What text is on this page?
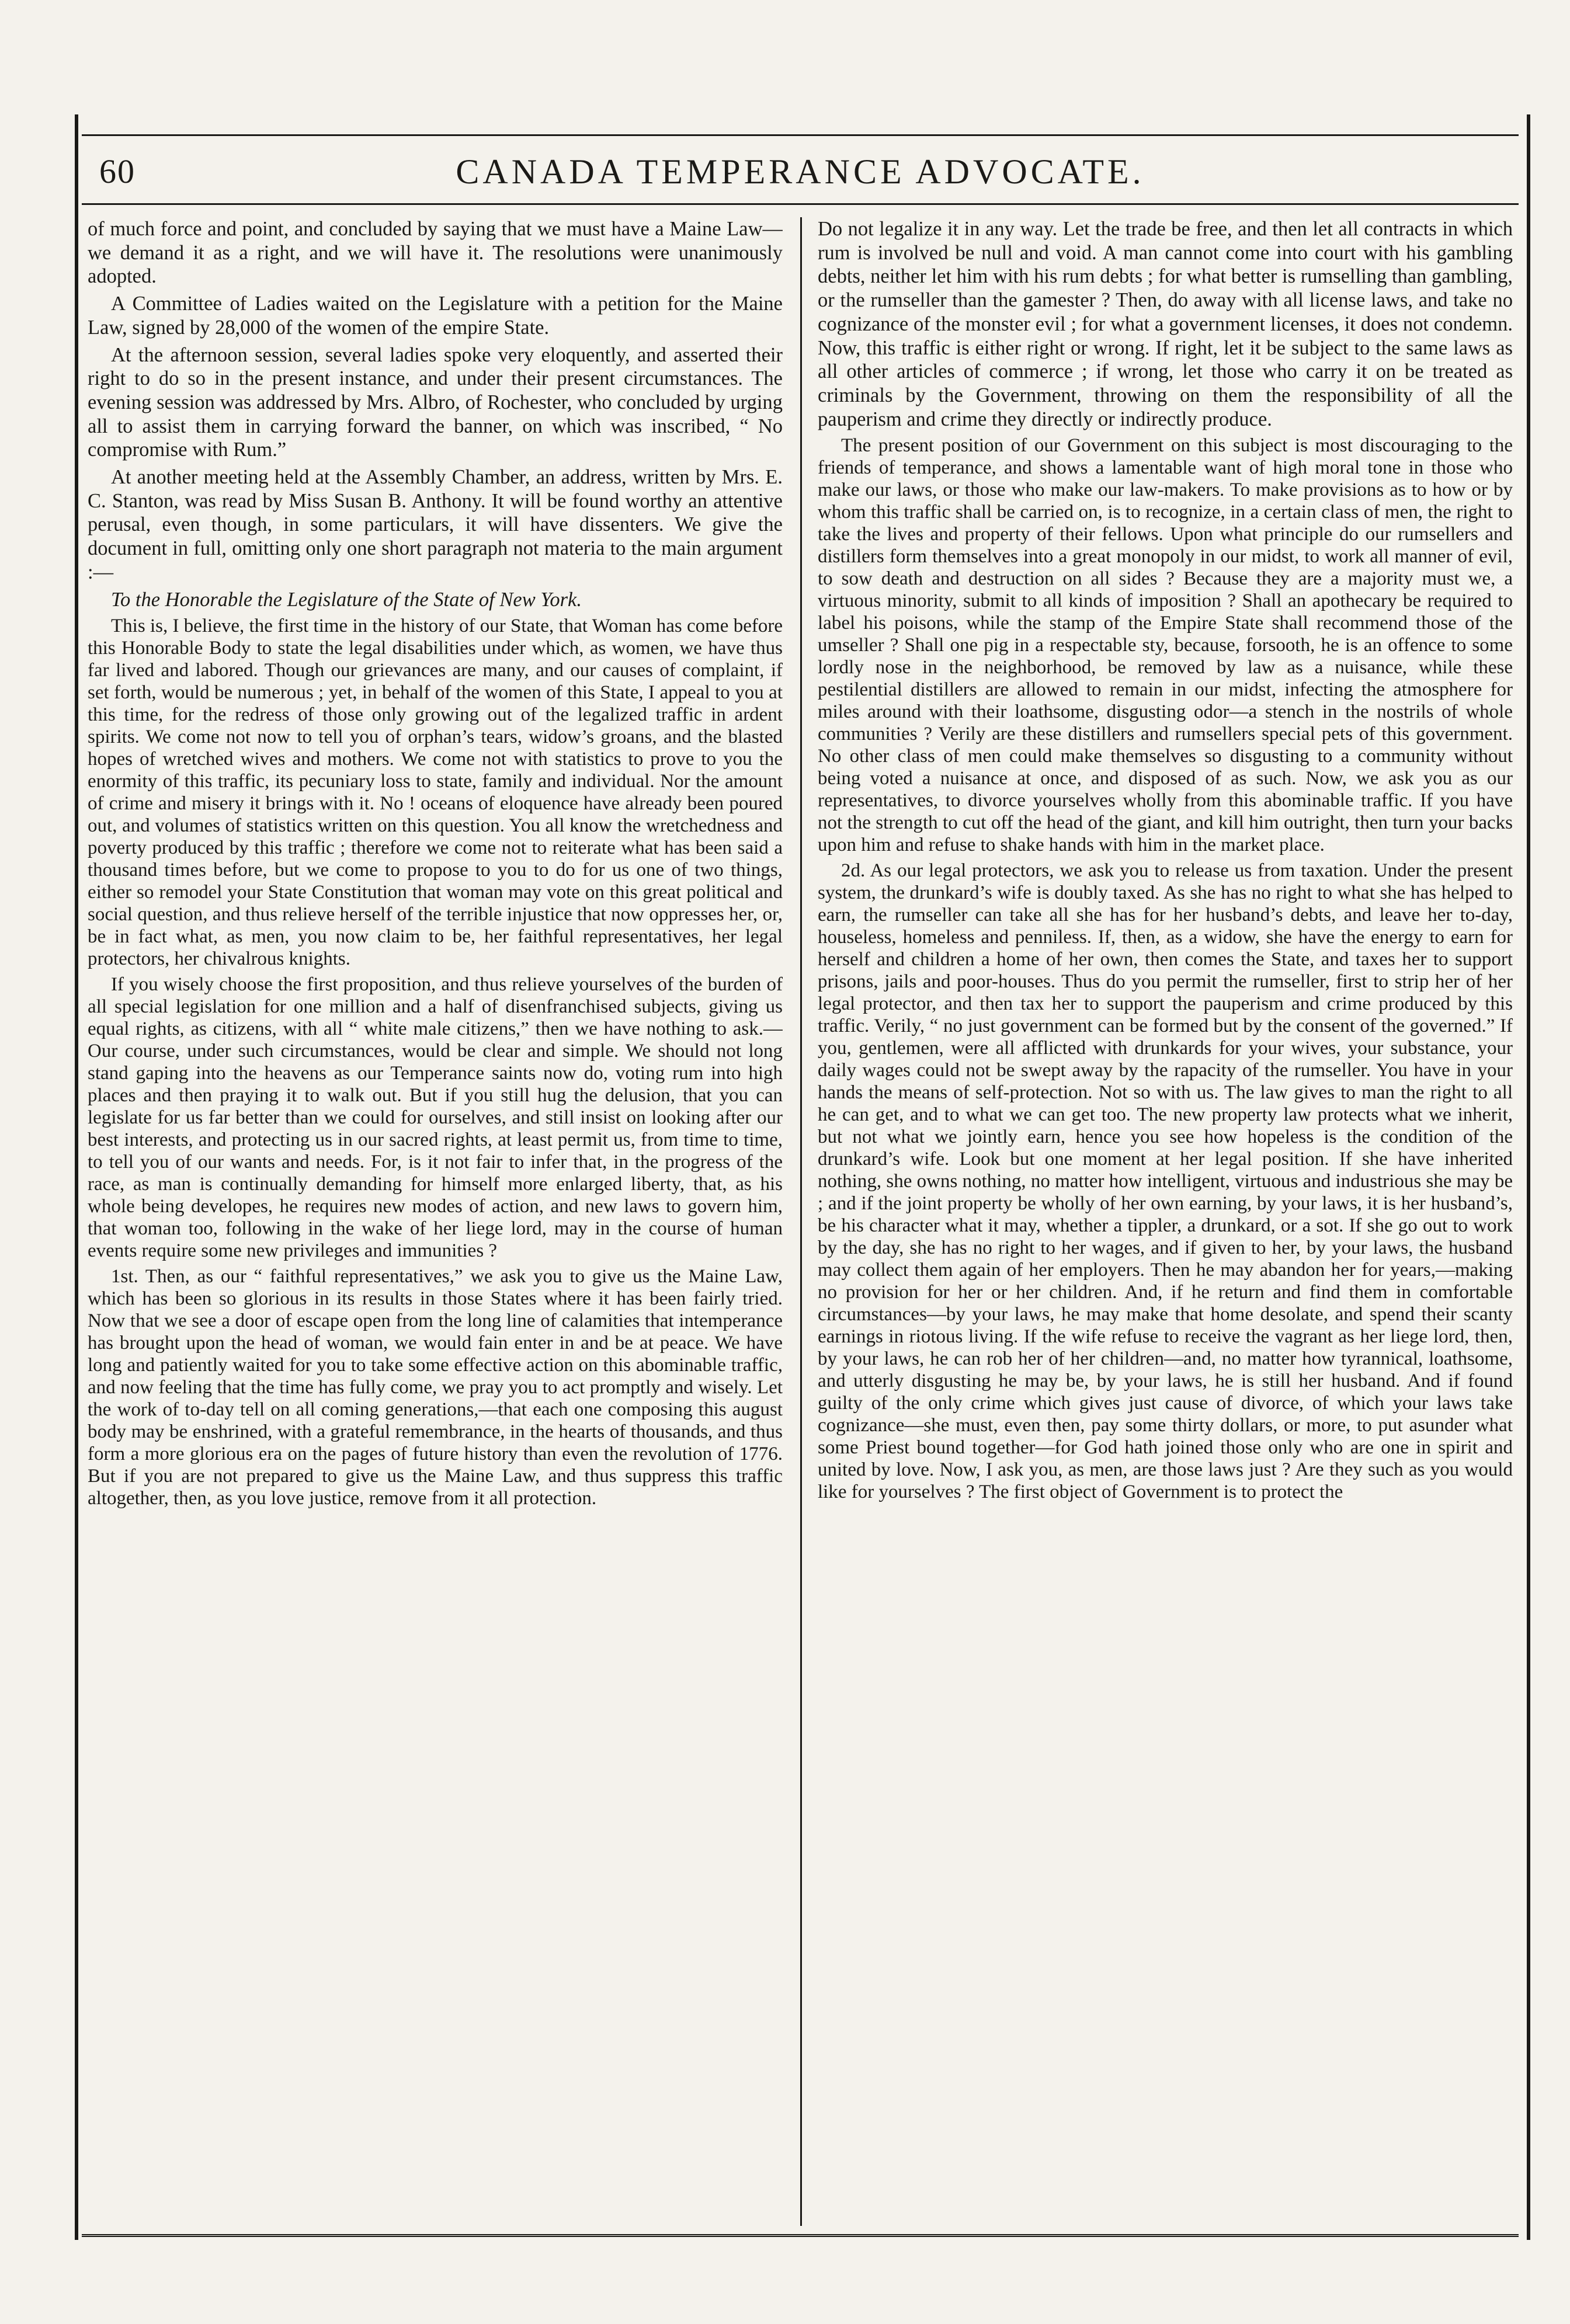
60	CANADA TEMPERANCE ADVOCATE.

of much force and point, and concluded by saying that we must have a Maine Law—we demand it as a right, and we will have it. The resolutions were unanimously adopted.

A Committee of Ladies waited on the Legislature with a petition for the Maine Law, signed by 28,000 of the women of the empire State.

At the afternoon session, several ladies spoke very eloquently, and asserted their right to do so in the present instance, and under their present circumstances. The evening session was addressed by Mrs. Albro, of Rochester, who concluded by urging all to assist them in carrying forward the banner, on which was inscribed, “ No compromise with Rum.”

At another meeting held at the Assembly Chamber, an address, written by Mrs. E. C. Stanton, was read by Miss Susan B. Anthony. It will be found worthy an attentive perusal, even though, in some particulars, it will have dissenters. We give the document in full, omitting only one short paragraph not materia to the main argument :—

To the Honorable the Legislature of the State of New York.

This is, I believe, the first time in the history of our State, that Woman has come before this Honorable Body to state the legal disabilities under which, as women, we have thus far lived and labored. Though our grievances are many, and our causes of complaint, if set forth, would be numerous ; yet, in behalf of the women of this State, I appeal to you at this time, for the redress of those only growing out of the legalized traffic in ardent spirits. We come not now to tell you of orphan’s tears, widow’s groans, and the blasted hopes of wretched wives and mothers. We come not with statistics to prove to you the enormity of this traffic, its pecuniary loss to state, family and individual. Nor the amount of crime and misery it brings with it. No ! oceans of eloquence have already been poured out, and volumes of statistics written on this question. You all know the wretchedness and poverty produced by this traffic ; therefore we come not to reiterate what has been said a thousand times before, but we come to propose to you to do for us one of two things, either so remodel your State Constitution that woman may vote on this great political and social question, and thus relieve herself of the terrible injustice that now oppresses her, or, be in fact what, as men, you now claim to be, her faithful representatives, her legal protectors, her chivalrous knights.

If you wisely choose the first proposition, and thus relieve yourselves of the burden of all special legislation for one million and a half of disenfranchised subjects, giving us equal rights, as citizens, with all “ white male citizens,” then we have nothing to ask.— Our course, under such circumstances, would be clear and simple. We should not long stand gaping into the heavens as our Temperance saints now do, voting rum into high places and then praying it to walk out. But if you still hug the delusion, that you can legislate for us far better than we could for ourselves, and still insist on looking after our best interests, and protecting us in our sacred rights, at least permit us, from time to time, to tell you of our wants and needs. For, is it not fair to infer that, in the progress of the race, as man is continually demanding for himself more enlarged liberty, that, as his whole being developes, he requires new modes of action, and new laws to govern him, that woman too, following in the wake of her liege lord, may in the course of human events require some new privileges and immunities ?

1st. Then, as our “ faithful representatives,” we ask you to give us the Maine Law, which has been so glorious in its results in those States where it has been fairly tried. Now that we see a door of escape open from the long line of calamities that intemperance has brought upon the head of woman, we would fain enter in and be at peace. We have long and patiently waited for you to take some effective action on this abominable traffic, and now feeling that the time has fully come, we pray you to act promptly and wisely. Let the work of to-day tell on all coming generations,—that each one composing this august body may be enshrined, with a grateful remembrance, in the hearts of thousands, and thus form a more glorious era on the pages of future history than even the revolution of 1776. But if you are not prepared to give us the Maine Law, and thus suppress this traffic altogether, then, as you love justice, remove from it all protection.

Do not legalize it in any way. Let the trade be free, and then let all contracts in which rum is involved be null and void. A man cannot come into court with his gambling debts, neither let him with his rum debts ; for what better is rumselling than gambling, or the rumseller than the gamester ? Then, do away with all license laws, and take no cognizance of the monster evil ; for what a government licenses, it does not condemn. Now, this traffic is either right or wrong. If right, let it be subject to the same laws as all other articles of commerce ; if wrong, let those who carry it on be treated as criminals by the Government, throwing on them the responsibility of all the pauperism and crime they directly or indirectly produce.

The present position of our Government on this subject is most discouraging to the friends of temperance, and shows a lamentable want of high moral tone in those who make our laws, or those who make our law-makers. To make provisions as to how or by whom this traffic shall be carried on, is to recognize, in a certain class of men, the right to take the lives and property of their fellows. Upon what principle do our rumsellers and distillers form themselves into a great monopoly in our midst, to work all manner of evil, to sow death and destruction on all sides ? Because they are a majority must we, a virtuous minority, submit to all kinds of imposition ? Shall an apothecary be required to label his poisons, while the stamp of the Empire State shall recommend those of the umseller ? Shall one pig in a respectable sty, because, forsooth, he is an offence to some lordly nose in the neighborhood, be removed by law as a nuisance, while these pestilential distillers are allowed to remain in our midst, infecting the atmosphere for miles around with their loathsome, disgusting odor—a stench in the nostrils of whole communities ? Verily are these distillers and rumsellers special pets of this government. No other class of men could make themselves so disgusting to a community without being voted a nuisance at once, and disposed of as such. Now, we ask you as our representatives, to divorce yourselves wholly from this abominable traffic. If you have not the strength to cut off the head of the giant, and kill him outright, then turn your backs upon him and refuse to shake hands with him in the market place.

2d. As our legal protectors, we ask you to release us from taxation. Under the present system, the drunkard’s wife is doubly taxed. As she has no right to what she has helped to earn, the rumseller can take all she has for her husband’s debts, and leave her to-day, houseless, homeless and penniless. If, then, as a widow, she have the energy to earn for herself and children a home of her own, then comes the State, and taxes her to support prisons, jails and poor-houses. Thus do you permit the rumseller, first to strip her of her legal protector, and then tax her to support the pauperism and crime produced by this traffic. Verily, “ no just government can be formed but by the consent of the governed.” If you, gentlemen, were all afflicted with drunkards for your wives, your substance, your daily wages could not be swept away by the rapacity of the rumseller. You have in your hands the means of self-protection. Not so with us. The law gives to man the right to all he can get, and to what we can get too. The new property law protects what we inherit, but not what we jointly earn, hence you see how hopeless is the condition of the drunkard’s wife. Look but one moment at her legal position. If she have inherited nothing, she owns nothing, no matter how intelligent, virtuous and industrious she may be ; and if the joint property be wholly of her own earning, by your laws, it is her husband’s, be his character what it may, whether a tippler, a drunkard, or a sot. If she go out to work by the day, she has no right to her wages, and if given to her, by your laws, the husband may collect them again of her employers. Then he may abandon her for years,—making no provision for her or her children. And, if he return and find them in comfortable circumstances—by your laws, he may make that home desolate, and spend their scanty earnings in riotous living. If the wife refuse to receive the vagrant as her liege lord, then, by your laws, he can rob her of her children—and, no matter how tyrannical, loathsome, and utterly disgusting he may be, by your laws, he is still her husband. And if found guilty of the only crime which gives just cause of divorce, of which your laws take cognizance—she must, even then, pay some thirty dollars, or more, to put asunder what some Priest bound together—for God hath joined those only who are one in spirit and united by love. Now, I ask you, as men, are those laws just ? Are they such as you would like for yourselves ? The first object of Government is to protect the
